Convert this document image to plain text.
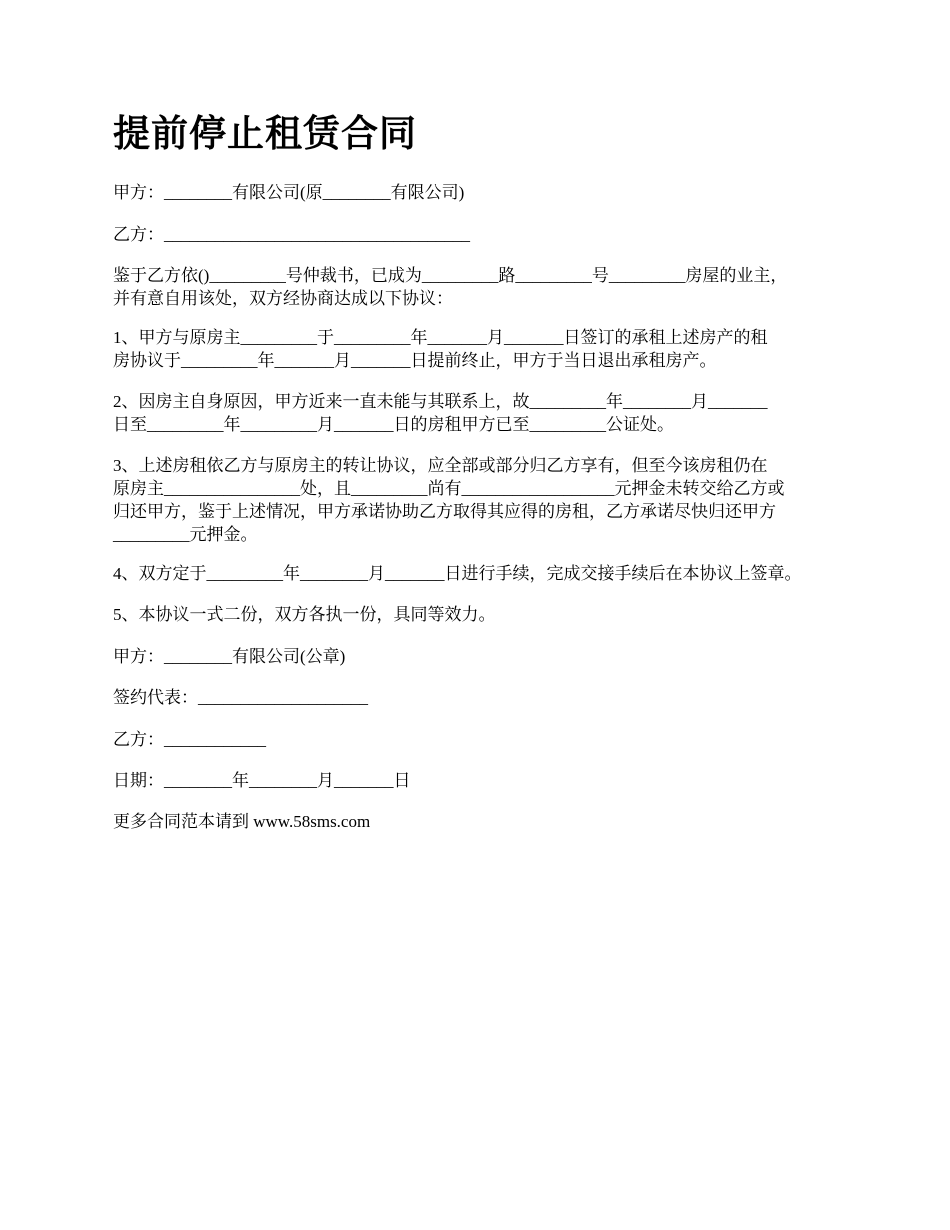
提前停止租赁合同

甲方：________有限公司(原________有限公司)

乙方：____________________________________

鉴于乙方依()_________号仲裁书，已成为_________路_________号_________房屋的业主，
并有意自用该处，双方经协商达成以下协议：
1、甲方与原房主_________于_________年_______月_______日签订的承租上述房产的租
房协议于_________年_______月_______日提前终止，甲方于当日退出承租房产。
2、因房主自身原因，甲方近来一直未能与其联系上，故_________年________月_______
日至_________年_________月_______日的房租甲方已至_________公证处。
3、上述房租依乙方与原房主的转让协议，应全部或部分归乙方享有，但至今该房租仍在
原房主________________处，且_________尚有__________________元押金未转交给乙方或
归还甲方，鉴于上述情况，甲方承诺协助乙方取得其应得的房租，乙方承诺尽快归还甲方
_________元押金。

4、双方定于_________年________月_______日进行手续，完成交接手续后在本协议上签章。

5、本协议一式二份，双方各执一份，具同等效力。

甲方：________有限公司(公章)

签约代表：____________________

乙方：____________

日期：________年________月_______日

更多合同范本请到 www.58sms.com
